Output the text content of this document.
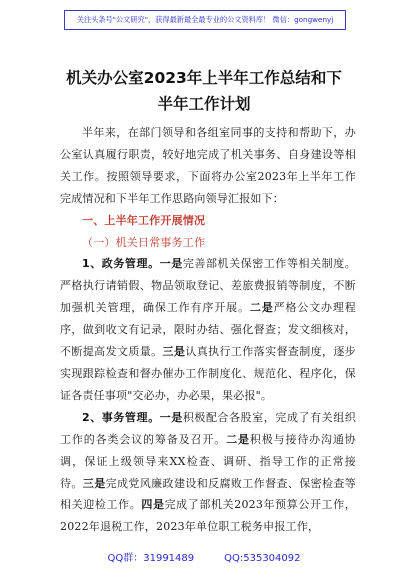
关注头条号"公文研究"，获得最新最全最专业的公文资料库！ 微信：gongwenyj
机关办公室2023年上半年工作总结和下
半年工作计划

半年来，在部门领导和各组室同事的支持和帮助下，办公室认真履行职责，较好地完成了机关事务、自身建设等相关工作。按照领导要求，下面将办公室2023年上半年工作完成情况和下半年工作思路向领导汇报如下：

一、上半年工作开展情况

（一）机关日常事务工作

1、政务管理。一是完善部机关保密工作等相关制度。严格执行请销假、物品领取登记、差旅费报销等制度，不断加强机关管理，确保工作有序开展。二是严格公文办理程序，做到收文有记录，限时办结、强化督查；发文细核对，不断提高发文质量。三是认真执行工作落实督查制度，逐步实现跟踪检查和督办催办工作制度化、规范化、程序化，保证各责任事项"交必办，办必果，果必报"。

2、事务管理。一是积极配合各股室，完成了有关组织工作的各类会议的筹备及召开。二是积极与接待办沟通协调，保证上级领导来XX检查、调研、指导工作的正常接待。三是完成党风廉政建设和反腐败工作督查、保密检查等相关迎检工作。四是完成了部机关2023年预算公开工作，2022年退税工作，2023年单位职工税务申报工作，

QQ群：31991489	QQ:535304092
